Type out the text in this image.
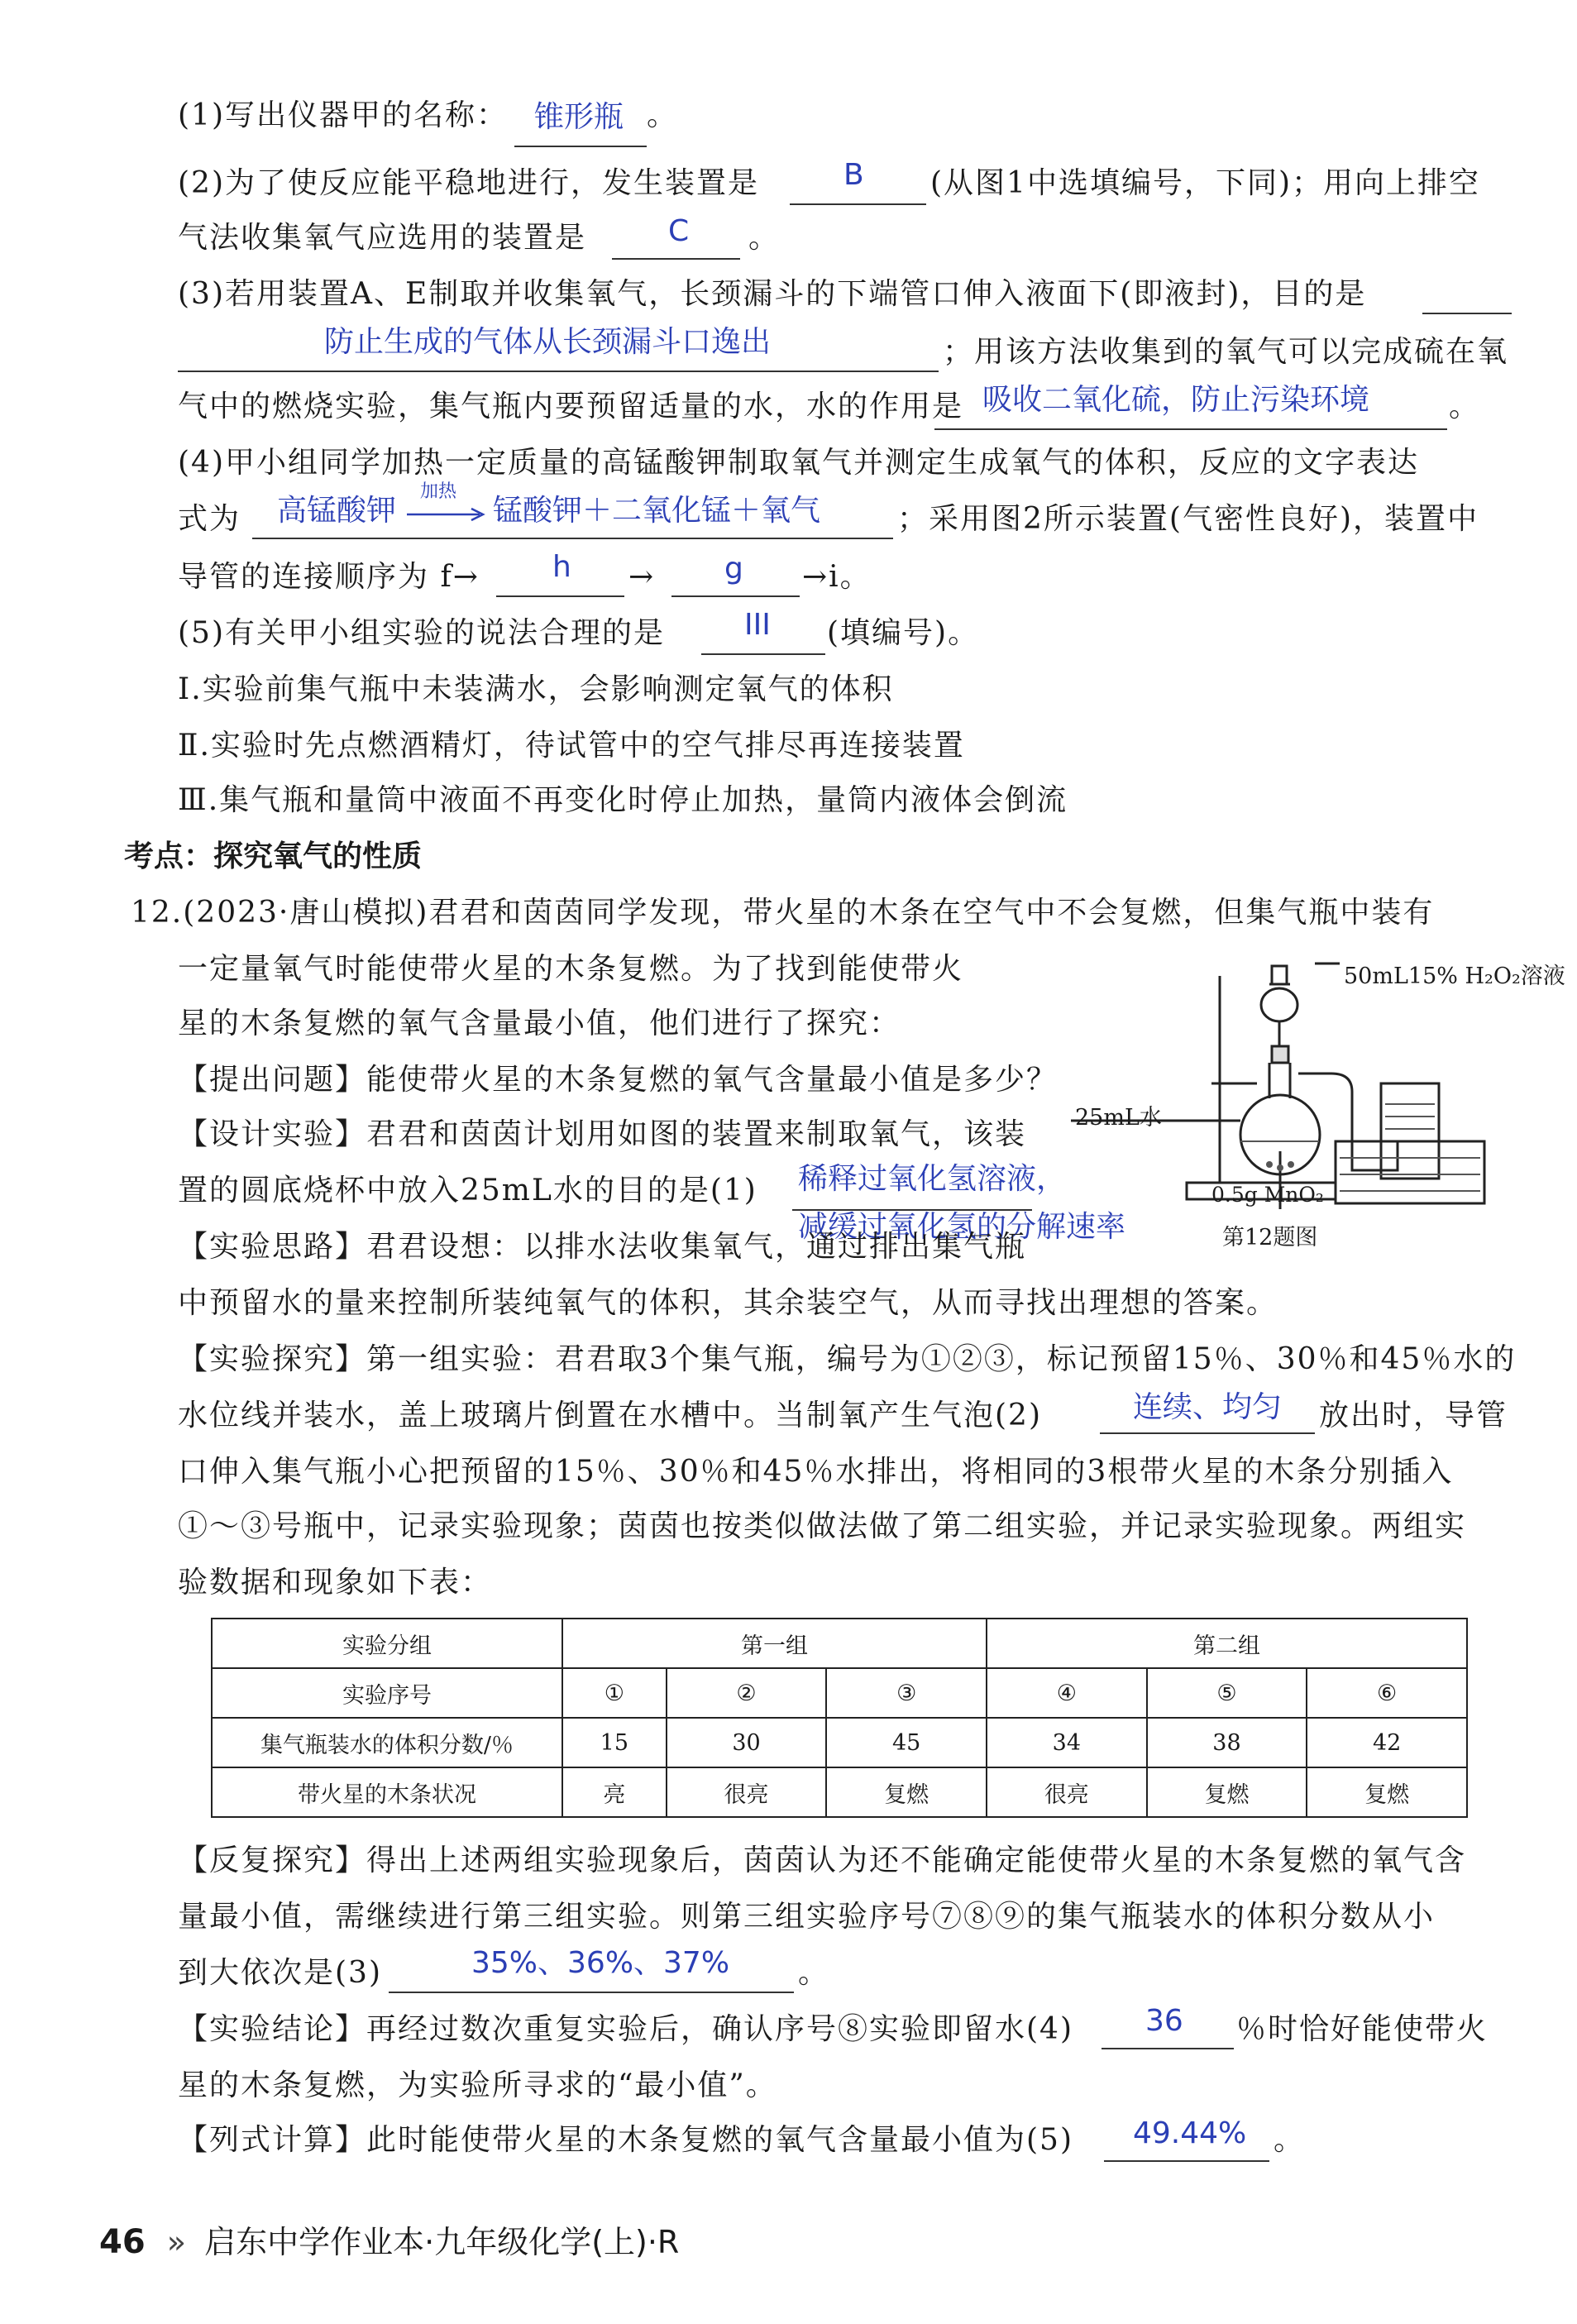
(1)写出仪器甲的名称： 锥形瓶 。
(2)为了使反应能平稳地进行，发生装置是	B (从图1中选填编号，下同)；用向上排空
气法收集氧气应选用的装置是	C 。
(3)若用装置A、E制取并收集氧气，长颈漏斗的下端管口伸入液面下(即液封)，目的是
防止生成的气体从长颈漏斗口逸出	；用该方法收集到的氧气可以完成硫在氧
气中的燃烧实验，集气瓶内要预留适量的水，水的作用是 吸收二氧化硫，防止污染环境	。
(4)甲小组同学加热一定质量的高锰酸钾制取氧气并测定生成氧气的体积，反应的文字表达
式为 高锰酸钾
加热
锰酸钾＋二氧化锰＋氧气	；采用图2所示装置(气密性良好)，装置中
导管的连接顺序为 f→ h → g →i。
(5)有关甲小组实验的说法合理的是	III (填编号)。
Ⅰ.实验前集气瓶中未装满水，会影响测定氧气的体积
Ⅱ.实验时先点燃酒精灯，待试管中的空气排尽再连接装置
Ⅲ.集气瓶和量筒中液面不再变化时停止加热，量筒内液体会倒流
考点：探究氧气的性质
12.(2023·唐山模拟)君君和茵茵同学发现，带火星的木条在空气中不会复燃，但集气瓶中装有
一定量氧气时能使带火星的木条复燃。为了找到能使带火
星的木条复燃的氧气含量最小值，他们进行了探究：
【提出问题】能使带火星的木条复燃的氧气含量最小值是多少？
【设计实验】君君和茵茵计划用如图的装置来制取氧气，该装
置的圆底烧杯中放入25mL水的目的是(1) 稀释过氧化氢溶液，
减缓过氧化氢的分解速率
【实验思路】君君设想：以排水法收集氧气，通过排出集气瓶
中预留水的量来控制所装纯氧气的体积，其余装空气，从而寻找出理想的答案。
50mL15% H₂O₂溶液
25mL水
0.5g MnO₂
第12题图
【实验探究】第一组实验：君君取3个集气瓶，编号为①②③，标记预留15％、30％和45％水的
水位线并装水，盖上玻璃片倒置在水槽中。当制氧产生气泡(2)	连续、均匀 放出时，导管
口伸入集气瓶小心把预留的15％、30％和45％水排出，将相同的3根带火星的木条分别插入
①～③号瓶中，记录实验现象；茵茵也按类似做法做了第二组实验，并记录实验现象。两组实
验数据和现象如下表：
实验分组	第一组			第二组		
实验序号	①	②	③	④	⑤	⑥
集气瓶装水的体积分数/％	15	30	45	34	38	42
带火星的木条状况	亮	很亮	复燃	很亮	复燃	复燃
【反复探究】得出上述两组实验现象后，茵茵认为还不能确定能使带火星的木条复燃的氧气含
量最小值，需继续进行第三组实验。则第三组实验序号⑦⑧⑨的集气瓶装水的体积分数从小
到大依次是(3)	35%、36%、37% 。
【实验结论】再经过数次重复实验后，确认序号⑧实验即留水(4) 36 ％时恰好能使带火
星的木条复燃，为实验所寻求的“最小值”。
【列式计算】此时能使带火星的木条复燃的氧气含量最小值为(5) 49.44% 。
46 » 启东中学作业本·九年级化学(上)·R
